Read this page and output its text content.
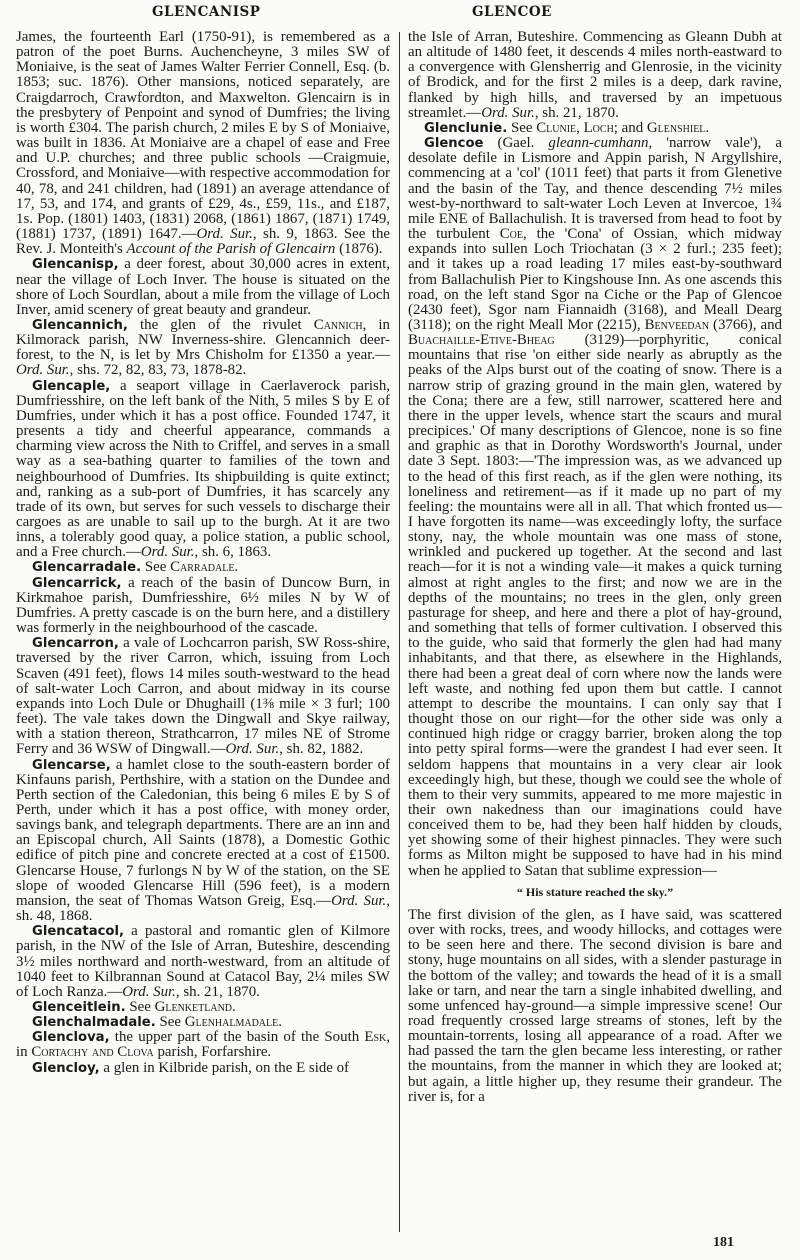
GLENCANISP	GLENCOE

James, the fourteenth Earl (1750-91), is remembered as a patron of the poet Burns. Auchencheyne, 3 miles SW of Moniaive, is the seat of James Walter Ferrier Connell, Esq. (b. 1853; suc. 1876). Other mansions, noticed separately, are Craigdarroch, Crawfordton, and Maxwelton. Glencairn is in the presbytery of Penpoint and synod of Dumfries; the living is worth £304. The parish church, 2 miles E by S of Moniaive, was built in 1836. At Moniaive are a chapel of ease and Free and U.P. churches; and three public schools —Craigmuie, Crossford, and Moniaive—with respective accommodation for 40, 78, and 241 children, had (1891) an average attendance of 17, 53, and 174, and grants of £29, 4s., £59, 11s., and £187, 1s. Pop. (1801) 1403, (1831) 2068, (1861) 1867, (1871) 1749, (1881) 1737, (1891) 1647.—Ord. Sur., sh. 9, 1863. See the Rev. J. Monteith's Account of the Parish of Glencairn (1876).

Glencanisp, a deer forest, about 30,000 acres in extent, near the village of Loch Inver. The house is situated on the shore of Loch Sourdlan, about a mile from the village of Loch Inver, amid scenery of great beauty and grandeur.

Glencannich, the glen of the rivulet Cannich, in Kilmorack parish, NW Inverness-shire. Glencannich deer-forest, to the N, is let by Mrs Chisholm for £1350 a year.—Ord. Sur., shs. 72, 82, 83, 73, 1878-82.

Glencaple, a seaport village in Caerlaverock parish, Dumfriesshire, on the left bank of the Nith, 5 miles S by E of Dumfries, under which it has a post office. Founded 1747, it presents a tidy and cheerful appearance, commands a charming view across the Nith to Criffel, and serves in a small way as a sea-bathing quarter to families of the town and neighbourhood of Dumfries. Its shipbuilding is quite extinct; and, ranking as a sub-port of Dumfries, it has scarcely any trade of its own, but serves for such vessels to discharge their cargoes as are unable to sail up to the burgh. At it are two inns, a tolerably good quay, a police station, a public school, and a Free church.—Ord. Sur., sh. 6, 1863.

Glencarradale. See Carradale.

Glencarrick, a reach of the basin of Duncow Burn, in Kirkmahoe parish, Dumfriesshire, 6½ miles N by W of Dumfries. A pretty cascade is on the burn here, and a distillery was formerly in the neighbourhood of the cascade.

Glencarron, a vale of Lochcarron parish, SW Ross-shire, traversed by the river Carron, which, issuing from Loch Scaven (491 feet), flows 14 miles south-westward to the head of salt-water Loch Carron, and about midway in its course expands into Loch Dule or Dhughaill (1⅜ mile × 3 furl; 100 feet). The vale takes down the Dingwall and Skye railway, with a station thereon, Strathcarron, 17 miles NE of Strome Ferry and 36 WSW of Dingwall.—Ord. Sur., sh. 82, 1882.

Glencarse, a hamlet close to the south-eastern border of Kinfauns parish, Perthshire, with a station on the Dundee and Perth section of the Caledonian, this being 6 miles E by S of Perth, under which it has a post office, with money order, savings bank, and telegraph departments. There are an inn and an Episcopal church, All Saints (1878), a Domestic Gothic edifice of pitch pine and concrete erected at a cost of £1500. Glencarse House, 7 furlongs N by W of the station, on the SE slope of wooded Glencarse Hill (596 feet), is a modern mansion, the seat of Thomas Watson Greig, Esq.—Ord. Sur., sh. 48, 1868.

Glencatacol, a pastoral and romantic glen of Kilmore parish, in the NW of the Isle of Arran, Buteshire, descending 3½ miles northward and north-westward, from an altitude of 1040 feet to Kilbrannan Sound at Catacol Bay, 2¼ miles SW of Loch Ranza.—Ord. Sur., sh. 21, 1870.

Glenceitlein. See Glenketland.

Glenchalmadale. See Glenhalmadale.

Glenclova, the upper part of the basin of the South Esk, in Cortachy and Clova parish, Forfarshire.

Glencloy, a glen in Kilbride parish, on the E side of

the Isle of Arran, Buteshire. Commencing as Gleann Dubh at an altitude of 1480 feet, it descends 4 miles north-eastward to a convergence with Glensherrig and Glenrosie, in the vicinity of Brodick, and for the first 2 miles is a deep, dark ravine, flanked by high hills, and traversed by an impetuous streamlet.—Ord. Sur., sh. 21, 1870.

Glenclunie. See Clunie, Loch; and Glenshiel.

Glencoe (Gael. gleann-cumhann, 'narrow vale'), a desolate defile in Lismore and Appin parish, N Argyllshire, commencing at a 'col' (1011 feet) that parts it from Glenetive and the basin of the Tay, and thence descending 7½ miles west-by-northward to salt-water Loch Leven at Invercoe, 1¾ mile ENE of Ballachulish. It is traversed from head to foot by the turbulent Coe, the 'Cona' of Ossian, which midway expands into sullen Loch Triochatan (3 × 2 furl.; 235 feet); and it takes up a road leading 17 miles east-by-southward from Ballachulish Pier to Kingshouse Inn. As one ascends this road, on the left stand Sgor na Ciche or the Pap of Glencoe (2430 feet), Sgor nam Fiannaidh (3168), and Meall Dearg (3118); on the right Meall Mor (2215), Benveedan (3766), and Buachaille-Etive-Bheag (3129)—porphyritic, conical mountains that rise 'on either side nearly as abruptly as the peaks of the Alps burst out of the coating of snow. There is a narrow strip of grazing ground in the main glen, watered by the Cona; there are a few, still narrower, scattered here and there in the upper levels, whence start the scaurs and mural precipices.' Of many descriptions of Glencoe, none is so fine and graphic as that in Dorothy Wordsworth's Journal, under date 3 Sept. 1803:—'The impression was, as we advanced up to the head of this first reach, as if the glen were nothing, its loneliness and retirement—as if it made up no part of my feeling: the mountains were all in all. That which fronted us—I have forgotten its name—was exceedingly lofty, the surface stony, nay, the whole mountain was one mass of stone, wrinkled and puckered up together. At the second and last reach—for it is not a winding vale—it makes a quick turning almost at right angles to the first; and now we are in the depths of the mountains; no trees in the glen, only green pasturage for sheep, and here and there a plot of hay-ground, and something that tells of former cultivation. I observed this to the guide, who said that formerly the glen had had many inhabitants, and that there, as elsewhere in the Highlands, there had been a great deal of corn where now the lands were left waste, and nothing fed upon them but cattle. I cannot attempt to describe the mountains. I can only say that I thought those on our right—for the other side was only a continued high ridge or craggy barrier, broken along the top into petty spiral forms—were the grandest I had ever seen. It seldom happens that mountains in a very clear air look exceedingly high, but these, though we could see the whole of them to their very summits, appeared to me more majestic in their own nakedness than our imaginations could have conceived them to be, had they been half hidden by clouds, yet showing some of their highest pinnacles. They were such forms as Milton might be supposed to have had in his mind when he applied to Satan that sublime expression—

“ His stature reached the sky.”

The first division of the glen, as I have said, was scattered over with rocks, trees, and woody hillocks, and cottages were to be seen here and there. The second division is bare and stony, huge mountains on all sides, with a slender pasturage in the bottom of the valley; and towards the head of it is a small lake or tarn, and near the tarn a single inhabited dwelling, and some unfenced hay-ground—a simple impressive scene! Our road frequently crossed large streams of stones, left by the mountain-torrents, losing all appearance of a road. After we had passed the tarn the glen became less interesting, or rather the mountains, from the manner in which they are looked at; but again, a little higher up, they resume their grandeur. The river is, for a

181
